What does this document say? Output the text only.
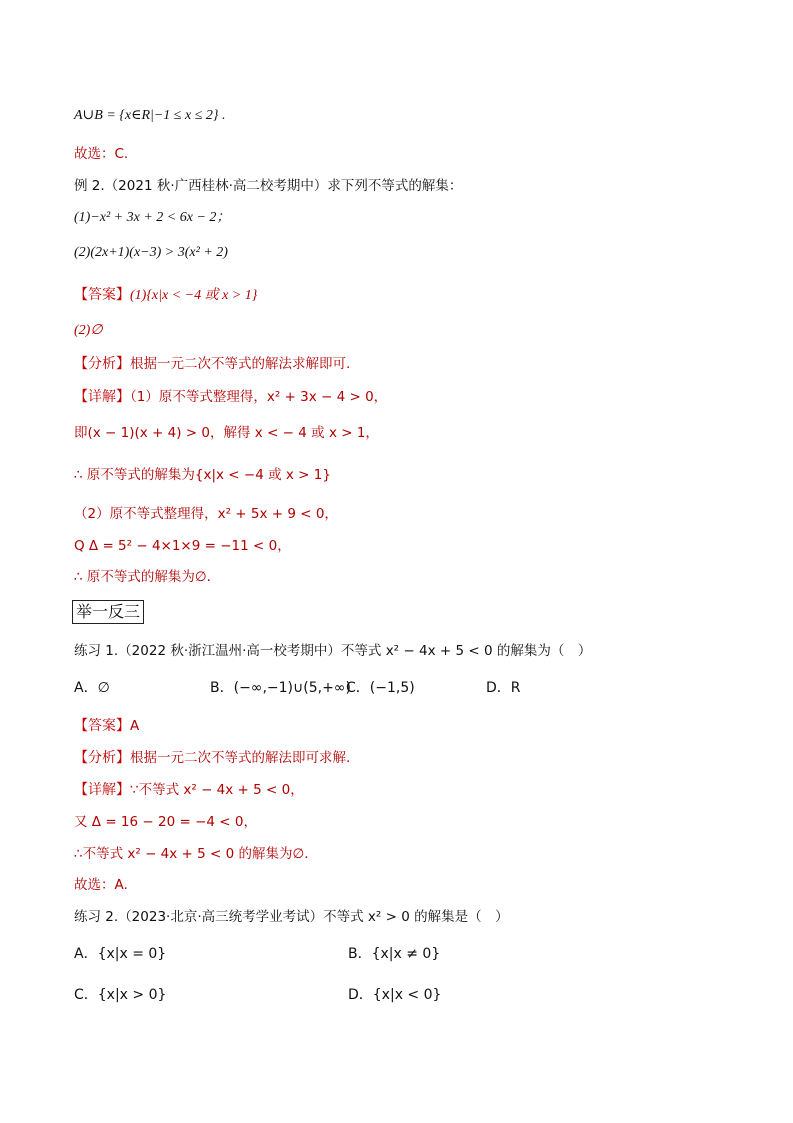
A∪B = {x∈R|−1 ≤ x ≤ 2} .
故选：C.
例 2.（2021 秋·广西桂林·高二校考期中）求下列不等式的解集：
(1)−x² + 3x + 2 < 6x − 2；
(2)(2x+1)(x−3) > 3(x² + 2)
【答案】(1){x|x < −4 或 x > 1}
(2)∅
【分析】根据一元二次不等式的解法求解即可.
【详解】（1）原不等式整理得，x² + 3x − 4 > 0，
即(x − 1)(x + 4) > 0，解得 x < − 4 或 x > 1，
∴ 原不等式的解集为{x|x < −4 或 x > 1}
（2）原不等式整理得，x² + 5x + 9 < 0，
Q Δ = 5² − 4×1×9 = −11 < 0，
∴ 原不等式的解集为∅.
举一反三
练习 1.（2022 秋·浙江温州·高一校考期中）不等式 x² − 4x + 5 < 0 的解集为（　）
A．∅	B．(−∞,−1)∪(5,+∞)
C．(−1,5)	D．R
【答案】A
【分析】根据一元二次不等式的解法即可求解.
【详解】∵不等式 x² − 4x + 5 < 0，
又 Δ = 16 − 20 = −4 < 0，
∴不等式 x² − 4x + 5 < 0 的解集为∅.
故选：A.
练习 2.（2023·北京·高三统考学业考试）不等式 x² > 0 的解集是（　）
A．{x|x = 0}	B．{x|x ≠ 0}
C．{x|x > 0}	D．{x|x < 0}
